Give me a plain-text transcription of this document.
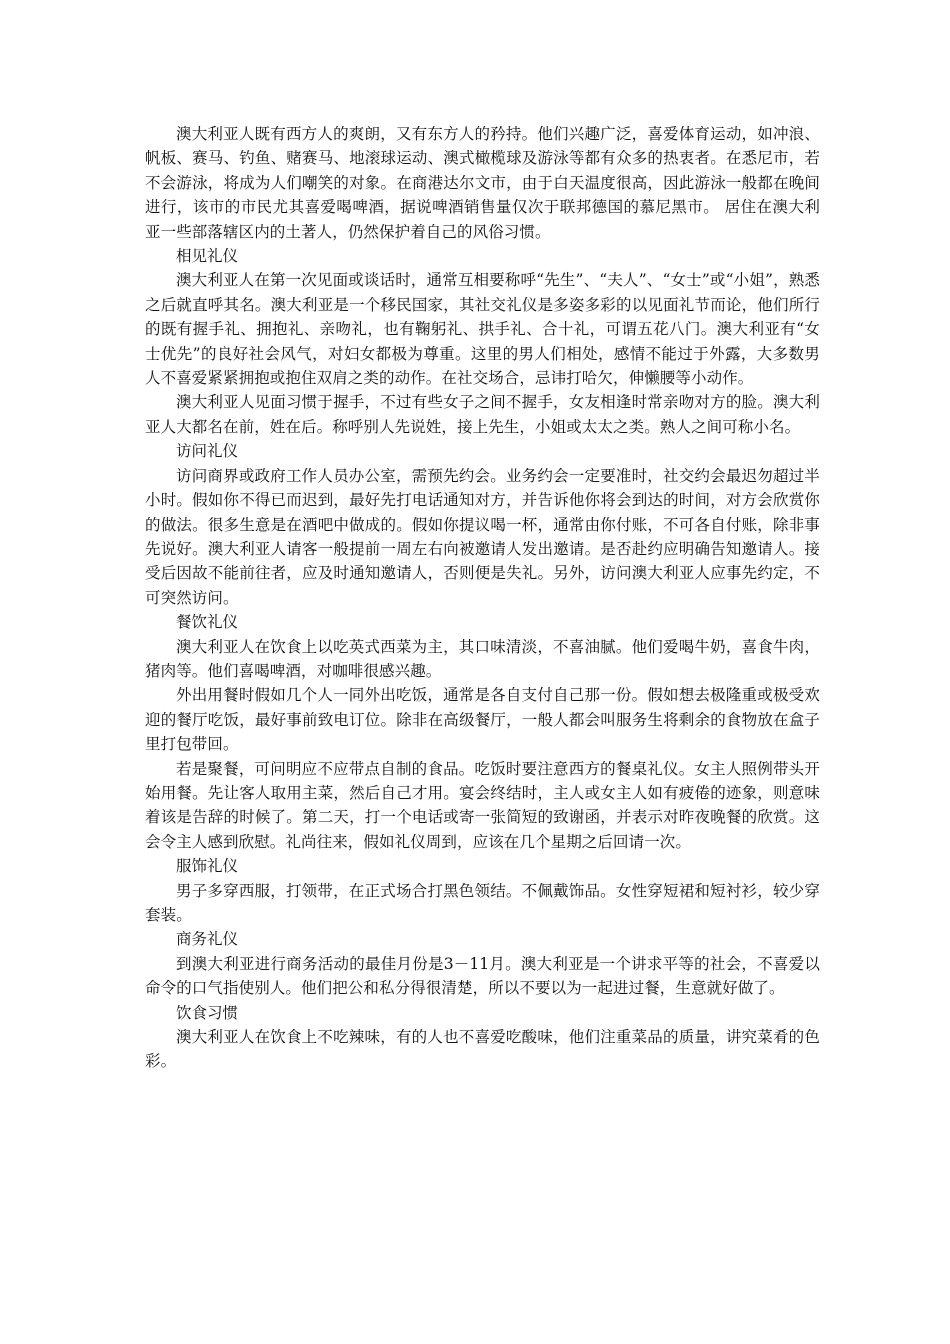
澳大利亚人既有西方人的爽朗，又有东方人的矜持。他们兴趣广泛，喜爱体育运动，如冲浪、帆板、赛马、钓鱼、赌赛马、地滚球运动、澳式橄榄球及游泳等都有众多的热衷者。在悉尼市，若不会游泳，将成为人们嘲笑的对象。在商港达尔文市，由于白天温度很高，因此游泳一般都在晚间进行，该市的市民尤其喜爱喝啤酒，据说啤酒销售量仅次于联邦德国的慕尼黑市。 居住在澳大利亚一些部落辖区内的土著人，仍然保护着自己的风俗习惯。

相见礼仪

澳大利亚人在第一次见面或谈话时，通常互相要称呼“先生”、“夫人”、“女士”或“小姐”，熟悉之后就直呼其名。澳大利亚是一个移民国家，其社交礼仪是多姿多彩的以见面礼节而论，他们所行的既有握手礼、拥抱礼、亲吻礼，也有鞠躬礼、拱手礼、合十礼，可谓五花八门。澳大利亚有“女士优先”的良好社会风气，对妇女都极为尊重。这里的男人们相处，感情不能过于外露，大多数男人不喜爱紧紧拥抱或抱住双肩之类的动作。在社交场合，忌讳打哈欠，伸懒腰等小动作。

澳大利亚人见面习惯于握手，不过有些女子之间不握手，女友相逢时常亲吻对方的脸。澳大利亚人大都名在前，姓在后。称呼别人先说姓，接上先生，小姐或太太之类。熟人之间可称小名。

访问礼仪

访问商界或政府工作人员办公室，需预先约会。业务约会一定要准时，社交约会最迟勿超过半小时。假如你不得已而迟到，最好先打电话通知对方，并告诉他你将会到达的时间，对方会欣赏你的做法。很多生意是在酒吧中做成的。假如你提议喝一杯，通常由你付账，不可各自付账，除非事先说好。澳大利亚人请客一般提前一周左右向被邀请人发出邀请。是否赴约应明确告知邀请人。接受后因故不能前往者，应及时通知邀请人，否则便是失礼。另外，访问澳大利亚人应事先约定，不可突然访问。

餐饮礼仪

澳大利亚人在饮食上以吃英式西菜为主，其口味清淡，不喜油腻。他们爱喝牛奶，喜食牛肉，猪肉等。他们喜喝啤酒，对咖啡很感兴趣。

外出用餐时假如几个人一同外出吃饭，通常是各自支付自己那一份。假如想去极隆重或极受欢迎的餐厅吃饭，最好事前致电订位。除非在高级餐厅，一般人都会叫服务生将剩余的食物放在盒子里打包带回。

若是聚餐，可问明应不应带点自制的食品。吃饭时要注意西方的餐桌礼仪。女主人照例带头开始用餐。先让客人取用主菜，然后自己才用。宴会终结时，主人或女主人如有疲倦的迹象，则意味着该是告辞的时候了。第二天，打一个电话或寄一张简短的致谢函，并表示对昨夜晚餐的欣赏。这会令主人感到欣慰。礼尚往来，假如礼仪周到，应该在几个星期之后回请一次。

服饰礼仪

男子多穿西服，打领带，在正式场合打黑色领结。不佩戴饰品。女性穿短裙和短衬衫，较少穿套装。

商务礼仪

到澳大利亚进行商务活动的最佳月份是3－11月。澳大利亚是一个讲求平等的社会，不喜爱以命令的口气指使别人。他们把公和私分得很清楚，所以不要以为一起进过餐，生意就好做了。

饮食习惯

澳大利亚人在饮食上不吃辣味，有的人也不喜爱吃酸味，他们注重菜品的质量，讲究菜肴的色彩。
